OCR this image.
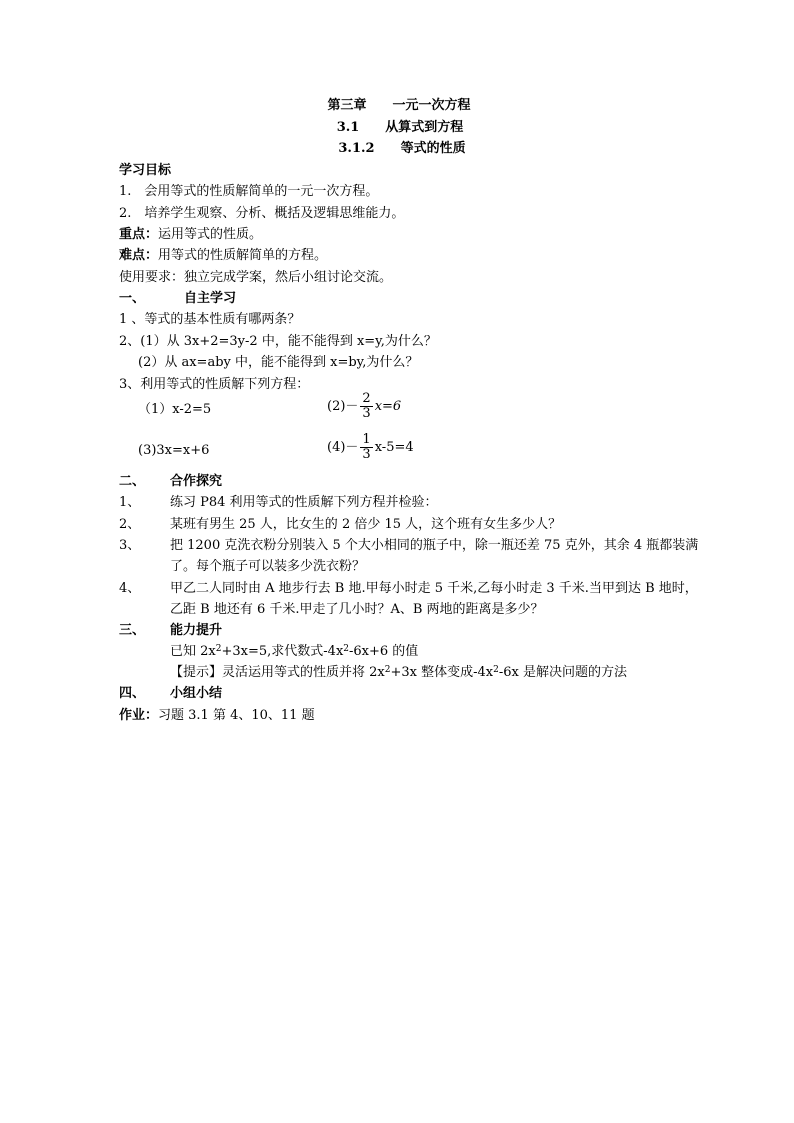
第三章　　一元一次方程
3.1　　从算式到方程
3.1.2　　等式的性质
学习目标
1.　会用等式的性质解简单的一元一次方程。
2.　培养学生观察、分析、概括及逻辑思维能力。
重点：运用等式的性质。
难点：用等式的性质解简单的方程。
使用要求：独立完成学案，然后小组讨论交流。
一、	自主学习
1 、等式的基本性质有哪两条？
2、(1）从 3x+2=3y-2 中，能不能得到 x=y,为什么？
(2）从 ax=aby 中，能不能得到 x=by,为什么？
3、利用等式的性质解下列方程：
（1）x-2=5	$(2)- \frac{2}{3} x=6$
(3)3x=x+6	$(4)- \frac{1}{3} x-5=4$
二、 合作探究
1、 练习 P84 利用等式的性质解下列方程并检验：
2、 某班有男生 25 人，比女生的 2 倍少 15 人，这个班有女生多少人？
3、 把 1200 克洗衣粉分别装入 5 个大小相同的瓶子中，除一瓶还差 75 克外，其余 4 瓶都装满
了。每个瓶子可以装多少洗衣粉？
4、 甲乙二人同时由 A 地步行去 B 地.甲每小时走 5 千米,乙每小时走 3 千米.当甲到达 B 地时，
乙距 B 地还有 6 千米.甲走了几小时？A、B 两地的距离是多少？
三、 能力提升
已知 $2x^2+3x=5$,求代数式$-4x^2-6x+6$ 的值
【提示】灵活运用等式的性质并将 $2x^2+3x$ 整体变成$-4x^2-6x$ 是解决问题的方法
四、 小组小结
作业：习题 3.1 第 4、10、11 题
